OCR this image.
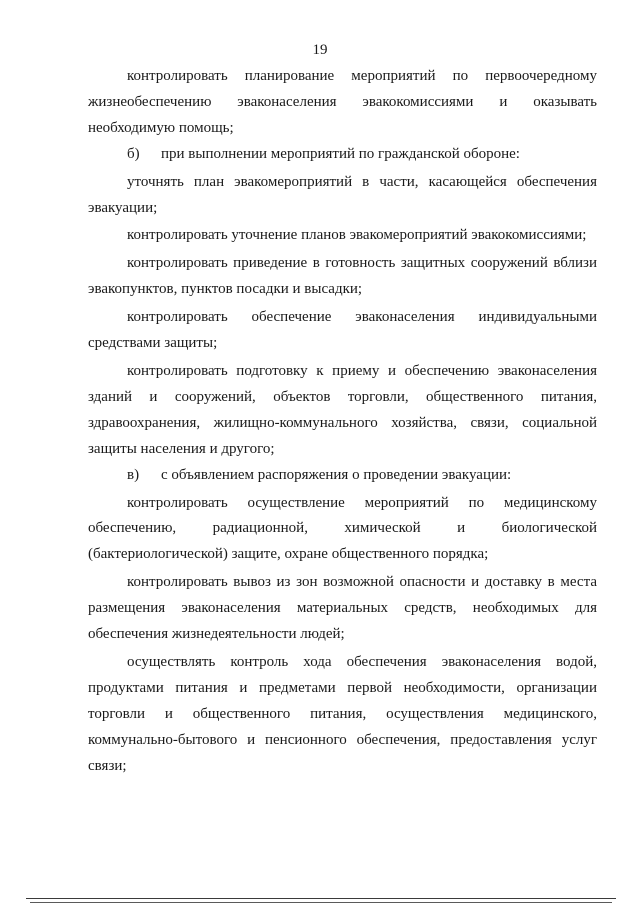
19

контролировать планирование мероприятий по первоочередному жизнеобеспечению эваконаселения эвакокомиссиями и оказывать необходимую помощь;

б) при выполнении мероприятий по гражданской обороне:

уточнять план эвакомероприятий в части, касающейся обеспечения эвакуации;

контролировать уточнение планов эвакомероприятий эвакокомиссиями;

контролировать приведение в готовность защитных сооружений вблизи эвакопунктов, пунктов посадки и высадки;

контролировать обеспечение эваконаселения индивидуальными средствами защиты;

контролировать подготовку к приему и обеспечению эваконаселения зданий и сооружений, объектов торговли, общественного питания, здравоохранения, жилищно-коммунального хозяйства, связи, социальной защиты населения и другого;

в) с объявлением распоряжения о проведении эвакуации:

контролировать осуществление мероприятий по медицинскому обеспечению, радиационной, химической и биологической (бактериологической) защите, охране общественного порядка;

контролировать вывоз из зон возможной опасности и доставку в места размещения эваконаселения материальных средств, необходимых для обеспечения жизнедеятельности людей;

осуществлять контроль хода обеспечения эваконаселения водой, продуктами питания и предметами первой необходимости, организации торговли и общественного питания, осуществления медицинского, коммунально-бытового и пенсионного обеспечения, предоставления услуг связи;
